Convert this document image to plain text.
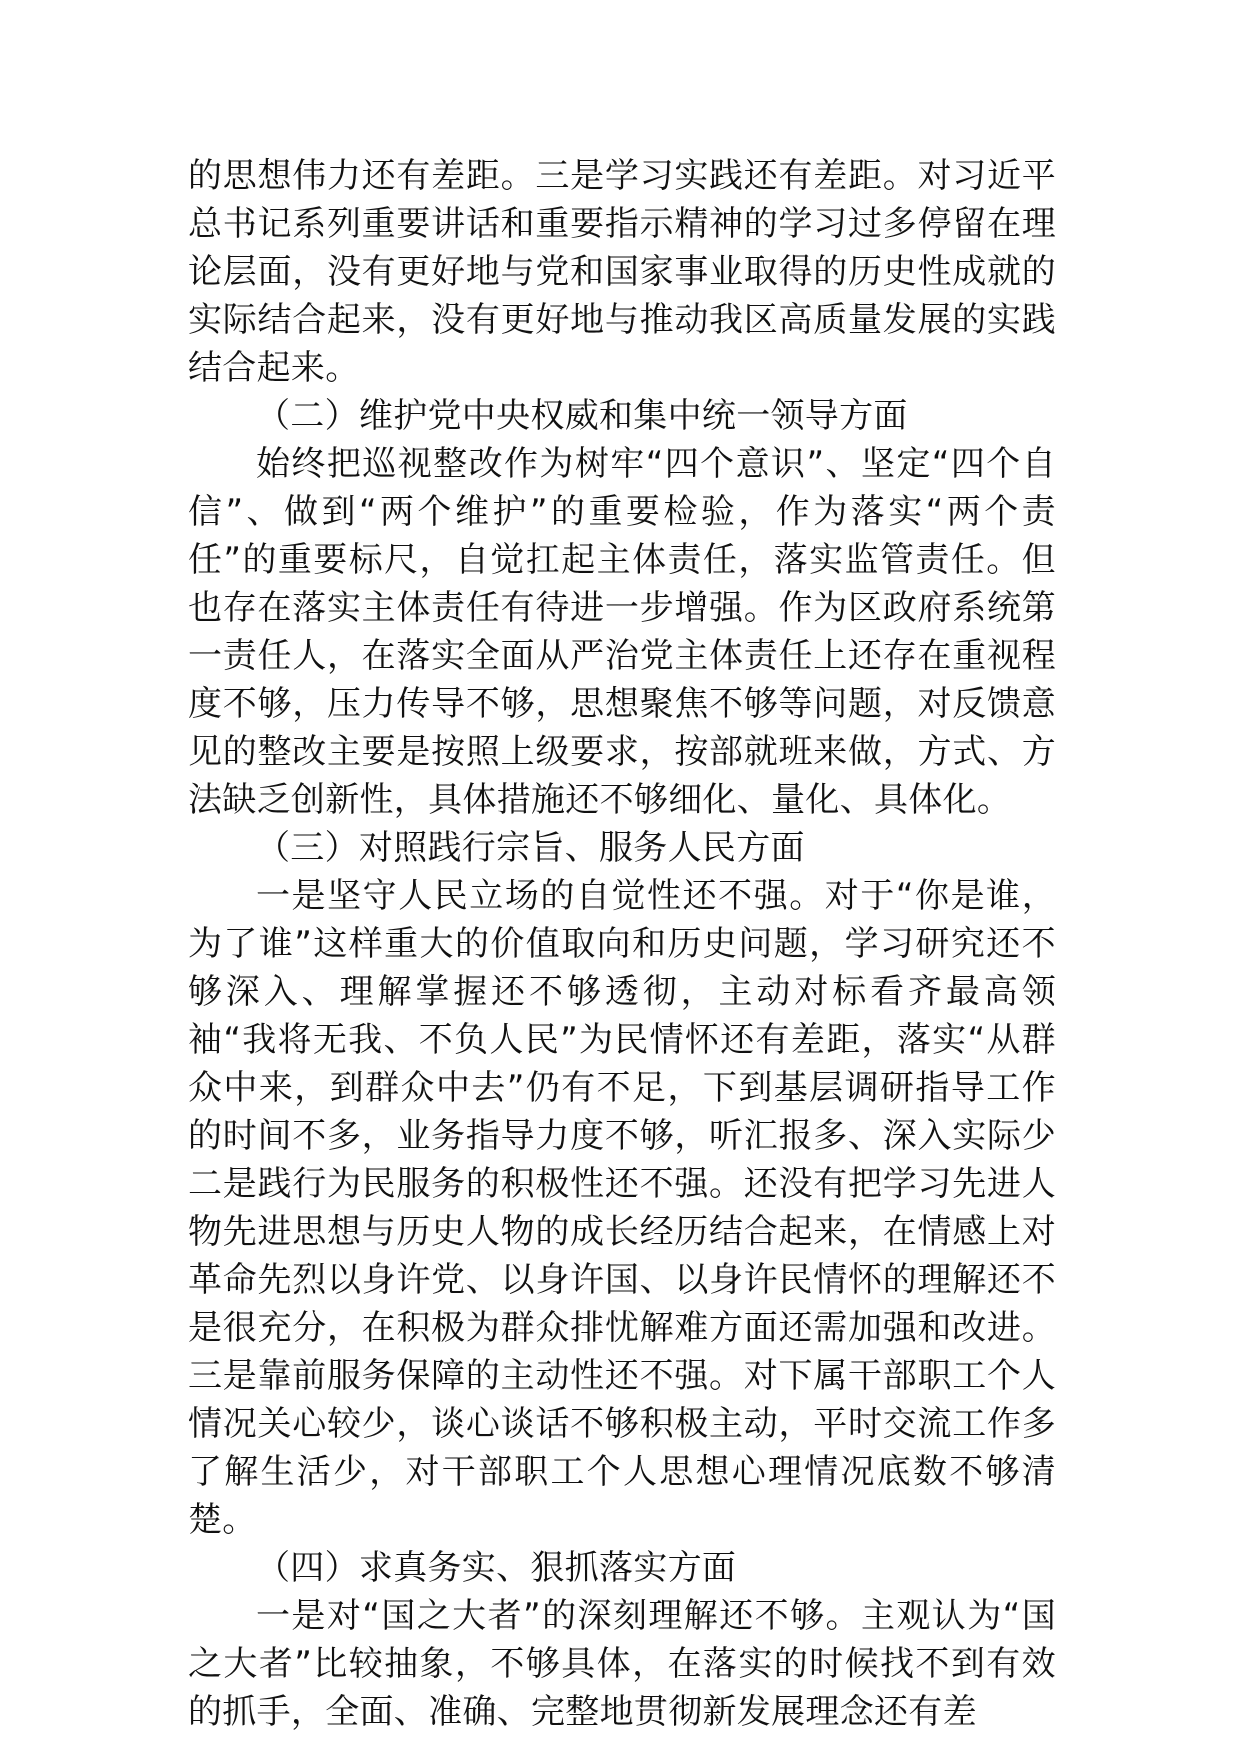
的思想伟力还有差距。三是学习实践还有差距。对习近平总书记系列重要讲话和重要指示精神的学习过多停留在理论层面，没有更好地与党和国家事业取得的历史性成就的实际结合起来，没有更好地与推动我区高质量发展的实践结合起来。

（二）维护党中央权威和集中统一领导方面

始终把巡视整改作为树牢“四个意识”、坚定“四个自信”、做到“两个维护”的重要检验，作为落实“两个责任”的重要标尺，自觉扛起主体责任，落实监管责任。但也存在落实主体责任有待进一步增强。作为区政府系统第一责任人，在落实全面从严治党主体责任上还存在重视程度不够，压力传导不够，思想聚焦不够等问题，对反馈意见的整改主要是按照上级要求，按部就班来做，方式、方法缺乏创新性，具体措施还不够细化、量化、具体化。

（三）对照践行宗旨、服务人民方面

一是坚守人民立场的自觉性还不强。对于“你是谁，为了谁”这样重大的价值取向和历史问题，学习研究还不够深入、理解掌握还不够透彻，主动对标看齐最高领袖“我将无我、不负人民”为民情怀还有差距，落实“从群众中来，到群众中去”仍有不足，下到基层调研指导工作的时间不多，业务指导力度不够，听汇报多、深入实际少二是践行为民服务的积极性还不强。还没有把学习先进人物先进思想与历史人物的成长经历结合起来，在情感上对革命先烈以身许党、以身许国、以身许民情怀的理解还不是很充分，在积极为群众排忧解难方面还需加强和改进。三是靠前服务保障的主动性还不强。对下属干部职工个人情况关心较少，谈心谈话不够积极主动，平时交流工作多了解生活少，对干部职工个人思想心理情况底数不够清楚。

（四）求真务实、狠抓落实方面

一是对“国之大者”的深刻理解还不够。主观认为“国之大者”比较抽象，不够具体，在落实的时候找不到有效的抓手，全面、准确、完整地贯彻新发展理念还有差
